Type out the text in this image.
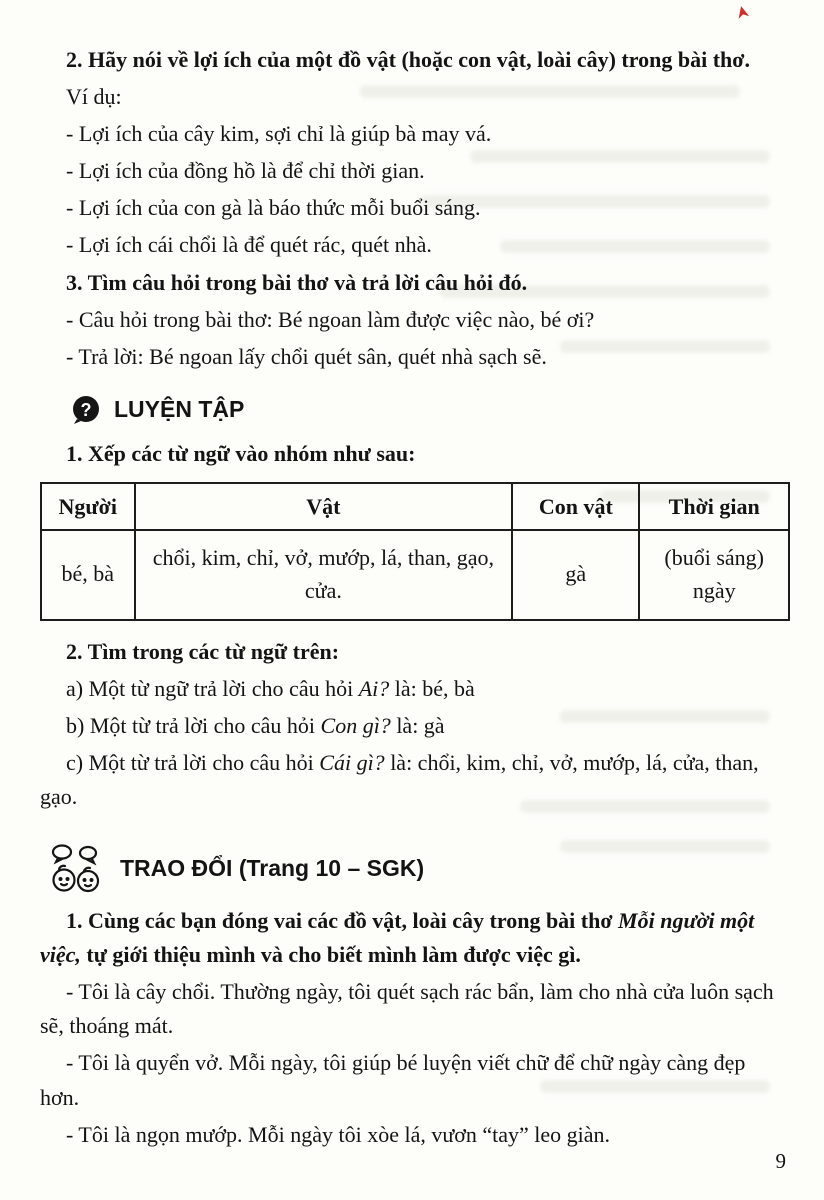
2. Hãy nói về lợi ích của một đồ vật (hoặc con vật, loài cây) trong bài thơ.

Ví dụ:

- Lợi ích của cây kim, sợi chỉ là giúp bà may vá.

- Lợi ích của đồng hồ là để chỉ thời gian.

- Lợi ích của con gà là báo thức mỗi buổi sáng.

- Lợi ích cái chổi là để quét rác, quét nhà.

3. Tìm câu hỏi trong bài thơ và trả lời câu hỏi đó.

- Câu hỏi trong bài thơ: Bé ngoan làm được việc nào, bé ơi?

- Trả lời: Bé ngoan lấy chổi quét sân, quét nhà sạch sẽ.

? LUYỆN TẬP

1. Xếp các từ ngữ vào nhóm như sau:

Người	Vật	Con vật	Thời gian
bé, bà	chổi, kim, chỉ, vở, mướp, lá, than, gạo, cửa.	gà	(buổi sáng)
ngày

2. Tìm trong các từ ngữ trên:

a) Một từ ngữ trả lời cho câu hỏi Ai? là: bé, bà

b) Một từ trả lời cho câu hỏi Con gì? là: gà

c) Một từ trả lời cho câu hỏi Cái gì? là: chổi, kim, chỉ, vở, mướp, lá, cửa, than, gạo.

TRAO ĐỔI (Trang 10 – SGK)

1. Cùng các bạn đóng vai các đồ vật, loài cây trong bài thơ Mỗi người một việc, tự giới thiệu mình và cho biết mình làm được việc gì.

- Tôi là cây chổi. Thường ngày, tôi quét sạch rác bẩn, làm cho nhà cửa luôn sạch sẽ, thoáng mát.

- Tôi là quyển vở. Mỗi ngày, tôi giúp bé luyện viết chữ để chữ ngày càng đẹp hơn.

- Tôi là ngọn mướp. Mỗi ngày tôi xòe lá, vươn “tay” leo giàn.

9
